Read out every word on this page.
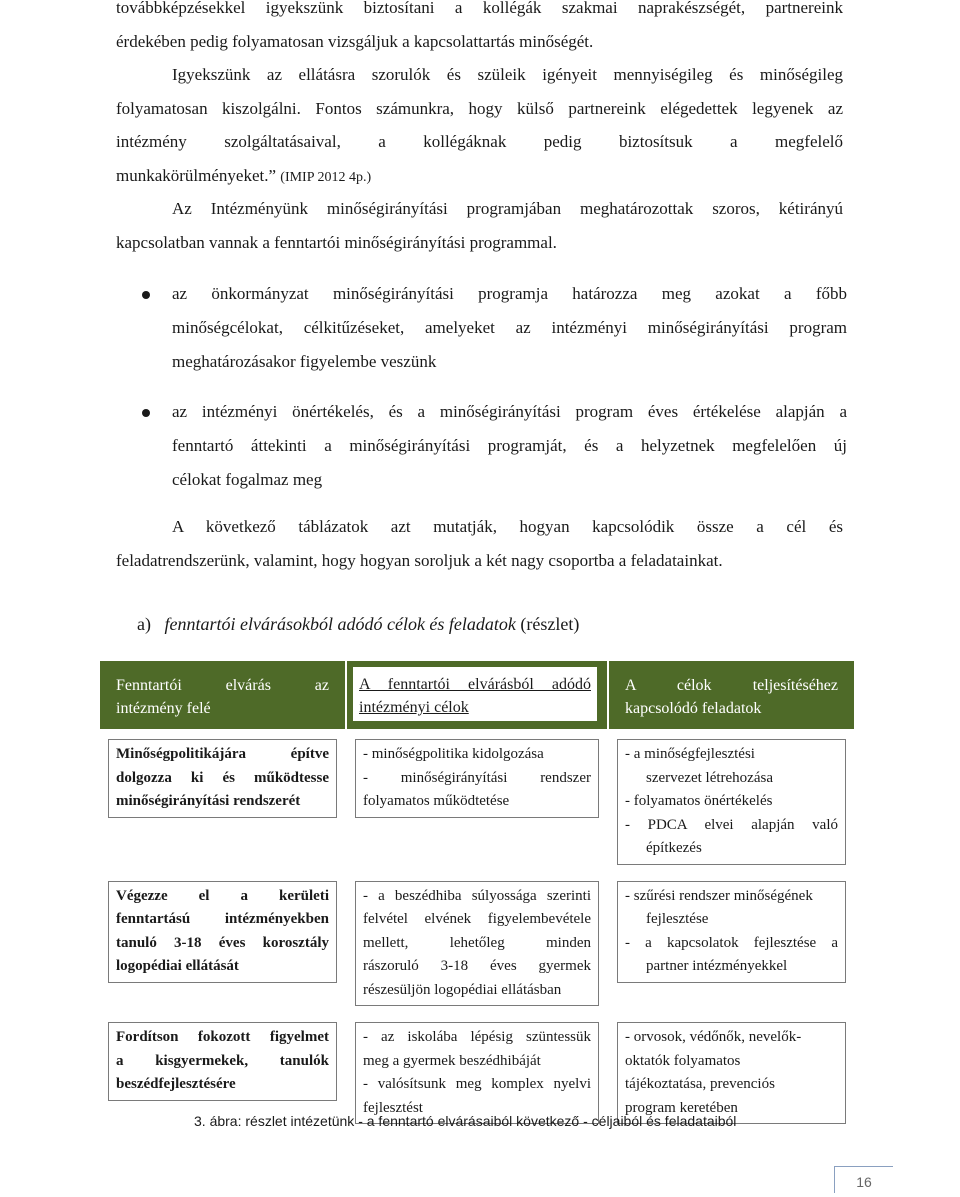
továbbképzésekkel igyekszünk biztosítani a kollégák szakmai naprakészségét, partnereink
érdekében pedig folyamatosan vizsgáljuk a kapcsolattartás minőségét.
Igyekszünk az ellátásra szorulók és szüleik igényeit mennyiségileg és minőségileg
folyamatosan kiszolgálni. Fontos számunkra, hogy külső partnereink elégedettek legyenek az
intézmény szolgáltatásaival, a kollégáknak pedig biztosítsuk a megfelelő
munkakörülményeket.” (IMIP 2012 4p.)
Az Intézményünk minőségirányítási programjában meghatározottak szoros, kétirányú
kapcsolatban vannak a fenntartói minőségirányítási programmal.
az önkormányzat minőségirányítási programja határozza meg azokat a főbb
minőségcélokat, célkitűzéseket, amelyeket az intézményi minőségirányítási program
meghatározásakor figyelembe veszünk
az intézményi önértékelés, és a minőségirányítási program éves értékelése alapján a
fenntartó áttekinti a minőségirányítási programját, és a helyzetnek megfelelően új
célokat fogalmaz meg
A következő táblázatok azt mutatják, hogyan kapcsolódik össze a cél és
feladatrendszerünk, valamint, hogy hogyan soroljuk a két nagy csoportba a feladatainkat.
a) fenntartói elvárásokból adódó célok és feladatok (részlet)
Fenntartói elvárás az
intézmény felé	A fenntartói elvárásból adódó
intézményi célok	A célok teljesítéséhez
kapcsolódó feladatok

Minőségpolitikájára építve
dolgozza ki és működtesse
minőségirányítási rendszerét	- minőségpolitika kidolgozása
- minőségirányítási rendszer
folyamatos működtetése	- a minőségfejlesztési
szervezet létrehozása
- folyamatos önértékelés
- PDCA elvei alapján való
építkezés

Végezze el a kerületi
fenntartású intézményekben
tanuló 3-18 éves korosztály
logopédiai ellátását	- a beszédhiba súlyossága szerinti
felvétel elvének figyelembevétele
mellett, lehetőleg minden
rászoruló 3-18 éves gyermek
részesüljön logopédiai ellátásban	- szűrési rendszer minőségének
fejlesztése
- a kapcsolatok fejlesztése a
partner intézményekkel

Fordítson fokozott figyelmet
a kisgyermekek, tanulók
beszédfejlesztésére	- az iskolába lépésig szüntessük
meg a gyermek beszédhibáját
- valósítsunk meg komplex nyelvi
fejlesztést	- orvosok, védőnők, nevelők-
oktatók folyamatos
tájékoztatása, prevenciós
program keretében
3. ábra: részlet intézetünk - a fenntartó elvárásaiból következő - céljaiból és feladataiból
16
